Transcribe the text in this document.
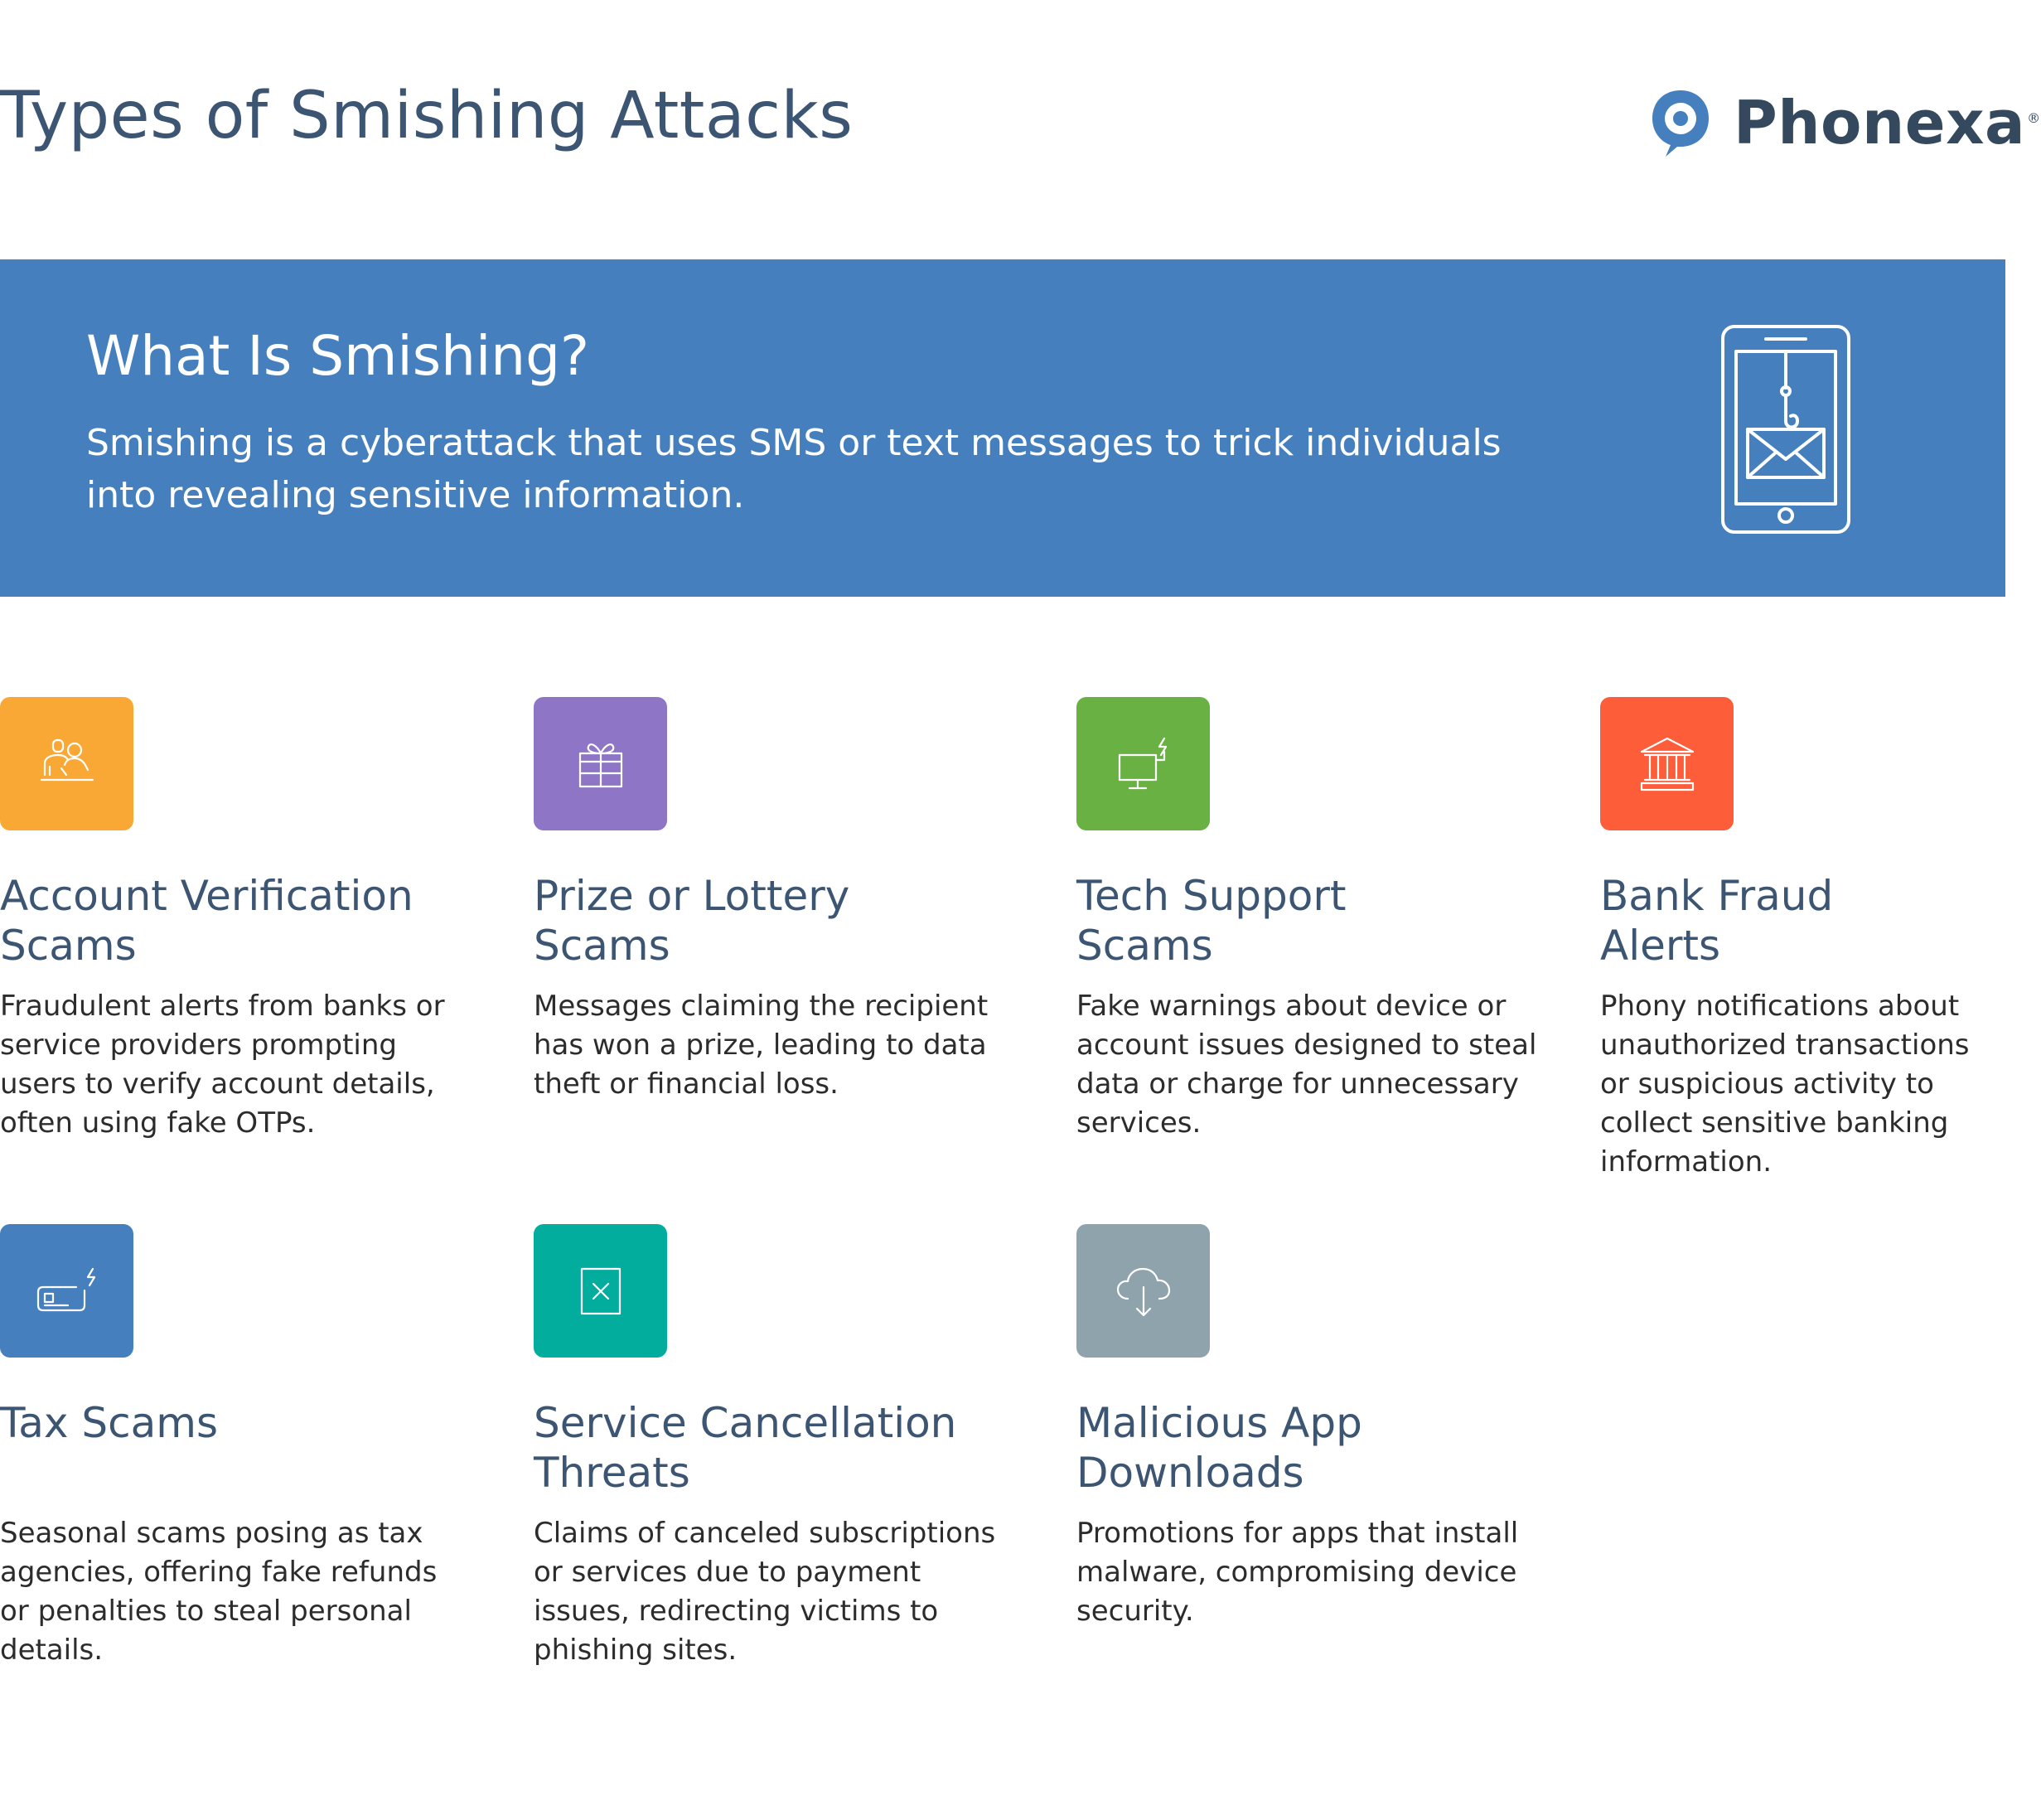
Types of Smishing Attacks	Phonexa ®
What Is Smishing?

Smishing is a cyberattack that uses SMS or text messages to trick individuals into revealing sensitive information.

Account Verification Scams

Fraudulent alerts from banks or service providers prompting users to verify account details, often using fake OTPs.

Prize or Lottery Scams

Messages claiming the recipient has won a prize, leading to data theft or financial loss.

Tech Support Scams

Fake warnings about device or account issues designed to steal data or charge for unnecessary services.

Bank Fraud Alerts

Phony notifications about unauthorized transactions or suspicious activity to collect sensitive banking information.

Tax Scams

Seasonal scams posing as tax agencies, offering fake refunds or penalties to steal personal details.

Service Cancellation Threats

Claims of canceled subscriptions or services due to payment issues, redirecting victims to phishing sites.

Malicious App Downloads

Promotions for apps that install malware, compromising device security.
